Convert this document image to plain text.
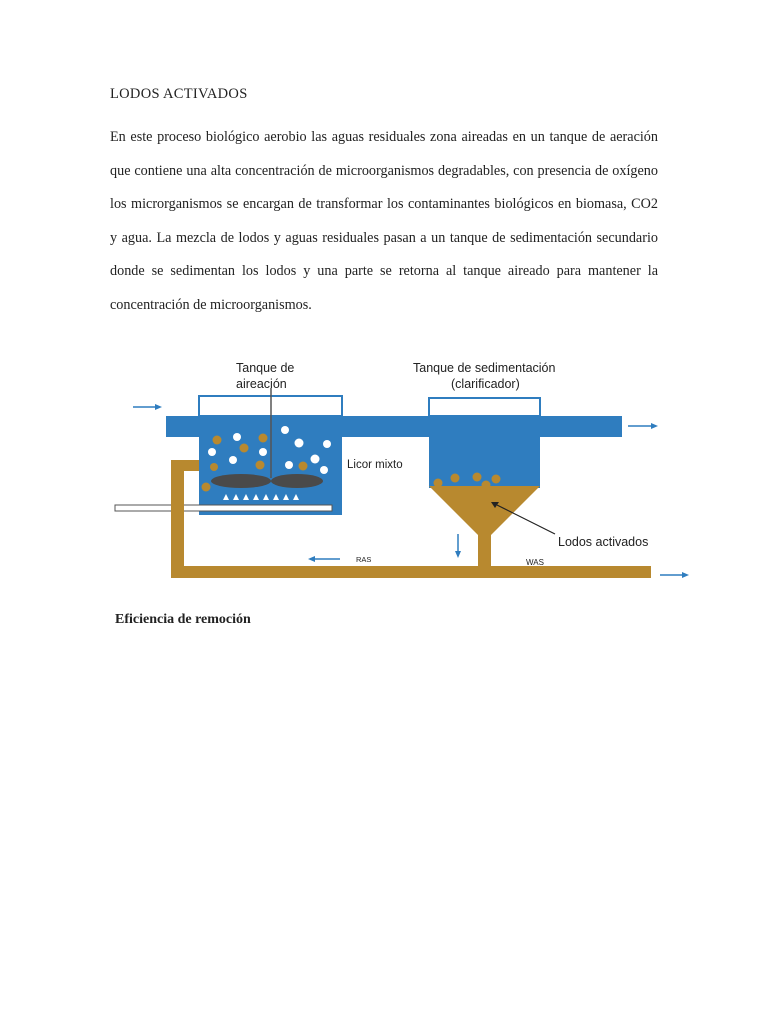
LODOS ACTIVADOS
En este proceso biológico aerobio las aguas residuales zona aireadas en un tanque de aeración que contiene una alta concentración de microorganismos degradables, con presencia de oxígeno los microrganismos se encargan de transformar los contaminantes biológicos en biomasa, CO2 y agua. La mezcla de lodos y aguas residuales pasan a un tanque de sedimentación secundario donde se sedimentan los lodos y una parte se retorna al tanque aireado para mantener la concentración de microorganismos.
Tanque de
aireación
Tanque de sedimentación
(clarificador)
Licor mixto
Lodos activados
RAS	WAS
Eficiencia de remoción
